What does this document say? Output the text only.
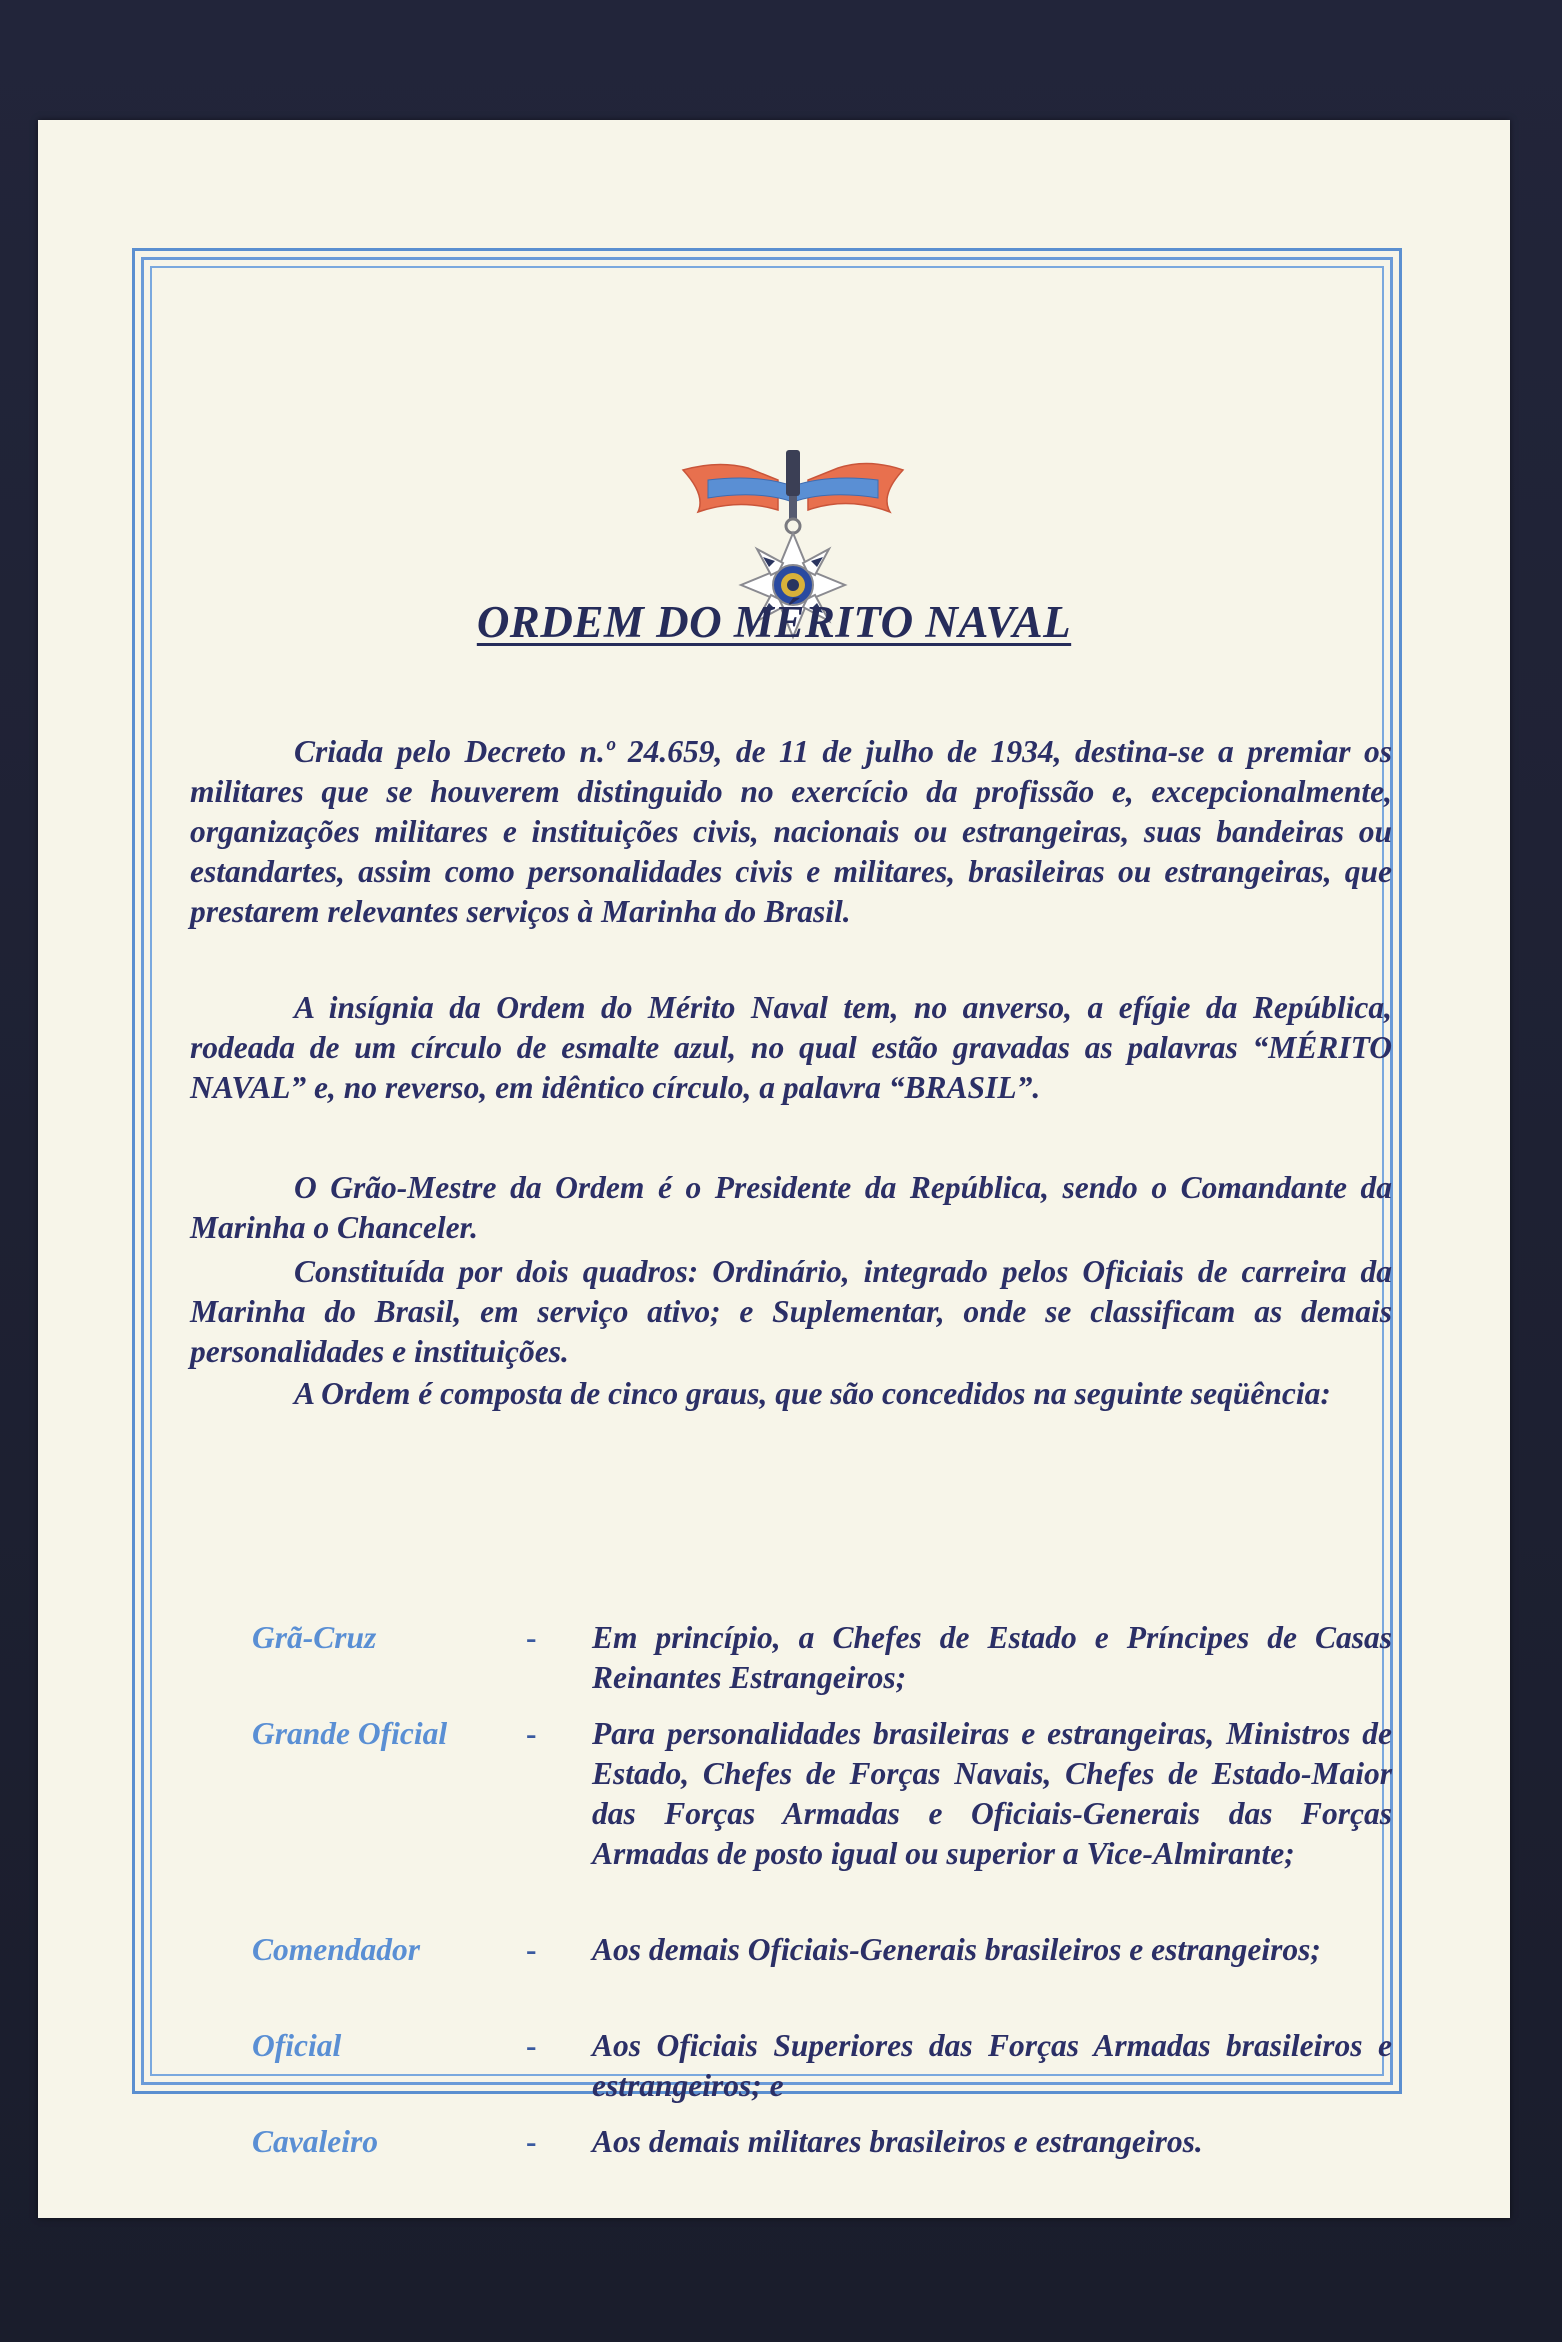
ORDEM DO MÉRITO NAVAL

Criada pelo Decreto n.º 24.659, de 11 de julho de 1934, destina-se a premiar os militares que se houverem distinguido no exercício da profissão e, excepcionalmente, organizações militares e instituições civis, nacionais ou estrangeiras, suas bandeiras ou estandartes, assim como personalidades civis e militares, brasileiras ou estrangeiras, que prestarem relevantes serviços à Marinha do Brasil.

A insígnia da Ordem do Mérito Naval tem, no anverso, a efígie da República, rodeada de um círculo de esmalte azul, no qual estão gravadas as palavras “MÉRITO NAVAL” e, no reverso, em idêntico círculo, a palavra “BRASIL”.

O Grão-Mestre da Ordem é o Presidente da República, sendo o Comandante da Marinha o Chanceler.

Constituída por dois quadros: Ordinário, integrado pelos Oficiais de carreira da Marinha do Brasil, em serviço ativo; e Suplementar, onde se classificam as demais personalidades e instituições.

A Ordem é composta de cinco graus, que são concedidos na seguinte seqüência:

Grã-Cruz	- Em princípio, a Chefes de Estado e Príncipes de Casas Reinantes Estrangeiros;
Grande Oficial	- Para personalidades brasileiras e estrangeiras, Ministros de Estado, Chefes de Forças Navais, Chefes de Estado-Maior das Forças Armadas e Oficiais-Generais das Forças Armadas de posto igual ou superior a Vice-Almirante;
Comendador	- Aos demais Oficiais-Generais brasileiros e estrangeiros;
Oficial	- Aos Oficiais Superiores das Forças Armadas brasileiros e estrangeiros; e
Cavaleiro	- Aos demais militares brasileiros e estrangeiros.
